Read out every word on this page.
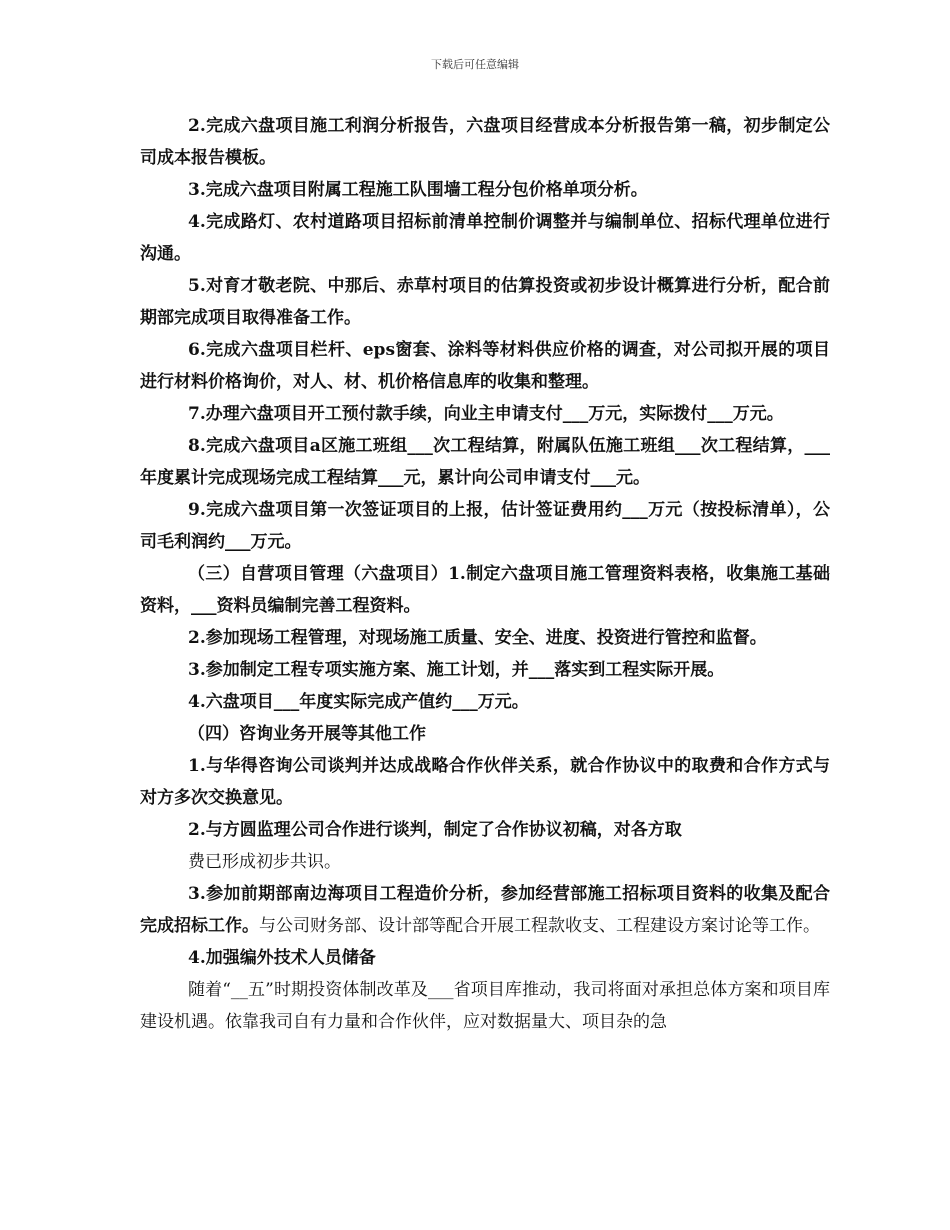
下载后可任意编辑

2.完成六盘项目施工利润分析报告，六盘项目经营成本分析报告第一稿，初步制定公司成本报告模板。

3.完成六盘项目附属工程施工队围墙工程分包价格单项分析。

4.完成路灯、农村道路项目招标前清单控制价调整并与编制单位、招标代理单位进行沟通。

5.对育才敬老院、中那后、赤草村项目的估算投资或初步设计概算进行分析，配合前期部完成项目取得准备工作。

6.完成六盘项目栏杆、eps窗套、涂料等材料供应价格的调查，对公司拟开展的项目进行材料价格询价，对人、材、机价格信息库的收集和整理。

7.办理六盘项目开工预付款手续，向业主申请支付___万元，实际拨付___万元。

8.完成六盘项目a区施工班组___次工程结算，附属队伍施工班组___次工程结算，___年度累计完成现场完成工程结算___元，累计向公司申请支付___元。

9.完成六盘项目第一次签证项目的上报，估计签证费用约___万元（按投标清单），公司毛利润约___万元。

（三）自营项目管理（六盘项目）1.制定六盘项目施工管理资料表格，收集施工基础资料，___资料员编制完善工程资料。

2.参加现场工程管理，对现场施工质量、安全、进度、投资进行管控和监督。

3.参加制定工程专项实施方案、施工计划，并___落实到工程实际开展。

4.六盘项目___年度实际完成产值约___万元。

（四）咨询业务开展等其他工作

1.与华得咨询公司谈判并达成战略合作伙伴关系，就合作协议中的取费和合作方式与对方多次交换意见。

2.与方圆监理公司合作进行谈判，制定了合作协议初稿，对各方取

费已形成初步共识。

3.参加前期部南边海项目工程造价分析，参加经营部施工招标项目资料的收集及配合完成招标工作。与公司财务部、设计部等配合开展工程款收支、工程建设方案讨论等工作。

4.加强编外技术人员储备

随着“__五”时期投资体制改革及___省项目库推动，我司将面对承担总体方案和项目库建设机遇。依靠我司自有力量和合作伙伴，应对数据量大、项目杂的急
